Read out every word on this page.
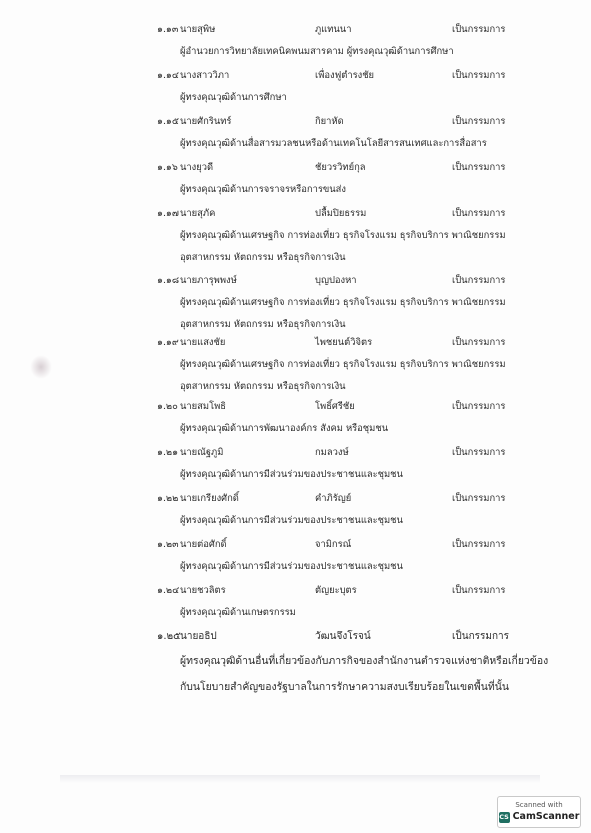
๑.๑๓ นายสุพิษ	ภูแทนนา	เป็นกรรมการ
ผู้อำนวยการวิทยาลัยเทคนิคพนมสารคาม ผู้ทรงคุณวุฒิด้านการศึกษา
๑.๑๔ นางสาววิภา	เพื่องฟูตำรงชัย	เป็นกรรมการ
ผู้ทรงคุณวุฒิด้านการศึกษา
๑.๑๕ นายศักรินทร์	กิยาหัด	เป็นกรรมการ
ผู้ทรงคุณวุฒิด้านสื่อสารมวลชนหรือด้านเทคโนโลยีสารสนเทศและการสื่อสาร
๑.๑๖ นางยุวดี	ชัยวรวิทย์กุล	เป็นกรรมการ
ผู้ทรงคุณวุฒิด้านการจราจรหรือการขนส่ง
๑.๑๗ นายสุภัค	ปลื้มปิยธรรม	เป็นกรรมการ
ผู้ทรงคุณวุฒิด้านเศรษฐกิจ การท่องเที่ยว ธุรกิจโรงแรม ธุรกิจบริการ พาณิชยกรรม
อุตสาหกรรม หัตถกรรม หรือธุรกิจการเงิน
๑.๑๘ นายภารุพพงษ์	บุญปองหา	เป็นกรรมการ
ผู้ทรงคุณวุฒิด้านเศรษฐกิจ การท่องเที่ยว ธุรกิจโรงแรม ธุรกิจบริการ พาณิชยกรรม
อุตสาหกรรม หัตถกรรม หรือธุรกิจการเงิน
๑.๑๙ นายแสงชัย	ไพชยนต์วิจิตร	เป็นกรรมการ
ผู้ทรงคุณวุฒิด้านเศรษฐกิจ การท่องเที่ยว ธุรกิจโรงแรม ธุรกิจบริการ พาณิชยกรรม
อุตสาหกรรม หัตถกรรม หรือธุรกิจการเงิน
๑.๒๐ นายสมโพธิ	โพธิ์ศรีชัย	เป็นกรรมการ
ผู้ทรงคุณวุฒิด้านการพัฒนาองค์กร สังคม หรือชุมชน
๑.๒๑ นายณัฐภูมิ	กมลวงษ์	เป็นกรรมการ
ผู้ทรงคุณวุฒิด้านการมีส่วนร่วมของประชาชนและชุมชน
๑.๒๒ นายเกรียงศักดิ์	คำภิรัญย์	เป็นกรรมการ
ผู้ทรงคุณวุฒิด้านการมีส่วนร่วมของประชาชนและชุมชน
๑.๒๓ นายต่อศักดิ์	จามิกรณ์	เป็นกรรมการ
ผู้ทรงคุณวุฒิด้านการมีส่วนร่วมของประชาชนและชุมชน
๑.๒๔ นายชวลิตร	ตัญยะบุตร	เป็นกรรมการ
ผู้ทรงคุณวุฒิด้านเกษตรกรรม
๑.๒๕ นายอธิป	วัฒนจึงโรจน์	เป็นกรรมการ
ผู้ทรงคุณวุฒิด้านอื่นที่เกี่ยวข้องกับภารกิจของสำนักงานตำรวจแห่งชาติหรือเกี่ยวข้อง
กับนโยบายสำคัญของรัฐบาลในการรักษาความสงบเรียบร้อยในเขตพื้นที่นั้น
Scanned with
CS CamScanner
